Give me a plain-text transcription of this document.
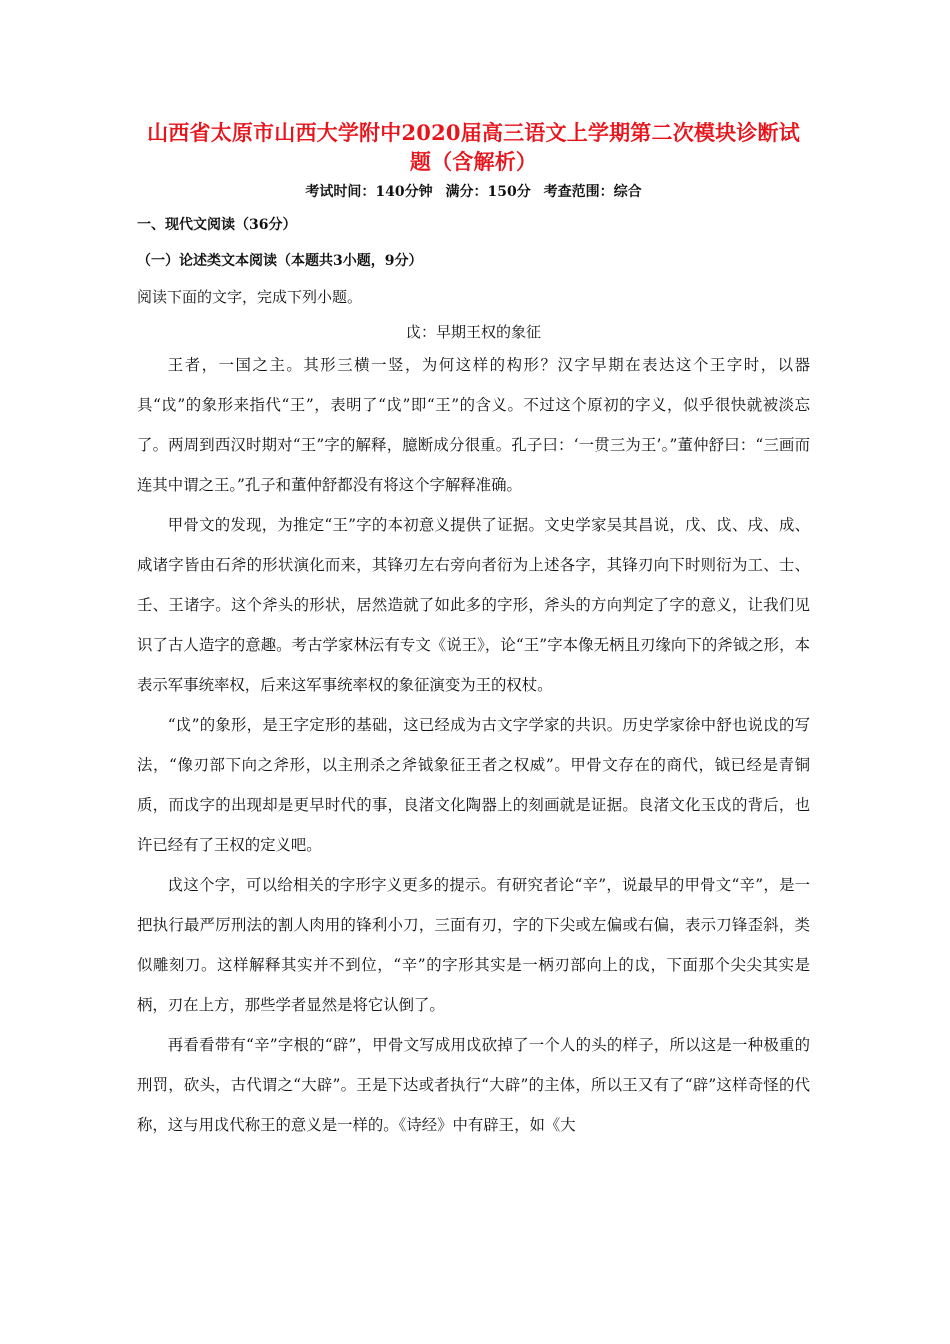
山西省太原市山西大学附中2020届高三语文上学期第二次模块诊断试题（含解析）
考试时间：140分钟 满分：150分 考查范围：综合
一、现代文阅读（36分）
（一）论述类文本阅读（本题共3小题，9分）
阅读下面的文字，完成下列小题。
戉：早期王权的象征

王者，一国之主。其形三横一竖，为何这样的构形？汉字早期在表达这个王字时，以器具“戉”的象形来指代“王”，表明了“戉”即“王”的含义。不过这个原初的字义，似乎很快就被淡忘了。两周到西汉时期对“王”字的解释，臆断成分很重。孔子曰：‘一贯三为王’。”董仲舒曰：“三画而连其中谓之王。”孔子和董仲舒都没有将这个字解释准确。

甲骨文的发现，为推定“王”字的本初意义提供了证据。文史学家吴其昌说，戊、戉、戌、成、咸诸字皆由石斧的形状演化而来，其锋刃左右旁向者衍为上述各字，其锋刃向下时则衍为工、士、壬、王诸字。这个斧头的形状，居然造就了如此多的字形，斧头的方向判定了字的意义，让我们见识了古人造字的意趣。考古学家林沄有专文《说王》，论“王”字本像无柄且刃缘向下的斧钺之形，本表示军事统率权，后来这军事统率权的象征演变为王的权杖。

“戉”的象形，是王字定形的基础，这已经成为古文字学家的共识。历史学家徐中舒也说戉的写法，“像刃部下向之斧形，以主刑杀之斧钺象征王者之权威”。甲骨文存在的商代，钺已经是青铜质，而戉字的出现却是更早时代的事，良渚文化陶器上的刻画就是证据。良渚文化玉戉的背后，也许已经有了王权的定义吧。

戉这个字，可以给相关的字形字义更多的提示。有研究者论“辛”，说最早的甲骨文“辛”，是一把执行最严厉刑法的割人肉用的锋利小刀，三面有刃，字的下尖或左偏或右偏，表示刀锋歪斜，类似雕刻刀。这样解释其实并不到位，“辛”的字形其实是一柄刃部向上的戉，下面那个尖尖其实是柄，刃在上方，那些学者显然是将它认倒了。

再看看带有“辛”字根的“辟”，甲骨文写成用戉砍掉了一个人的头的样子，所以这是一种极重的刑罚，砍头，古代谓之“大辟”。王是下达或者执行“大辟”的主体，所以王又有了“辟”这样奇怪的代称，这与用戉代称王的意义是一样的。《诗经》中有辟王，如《大
